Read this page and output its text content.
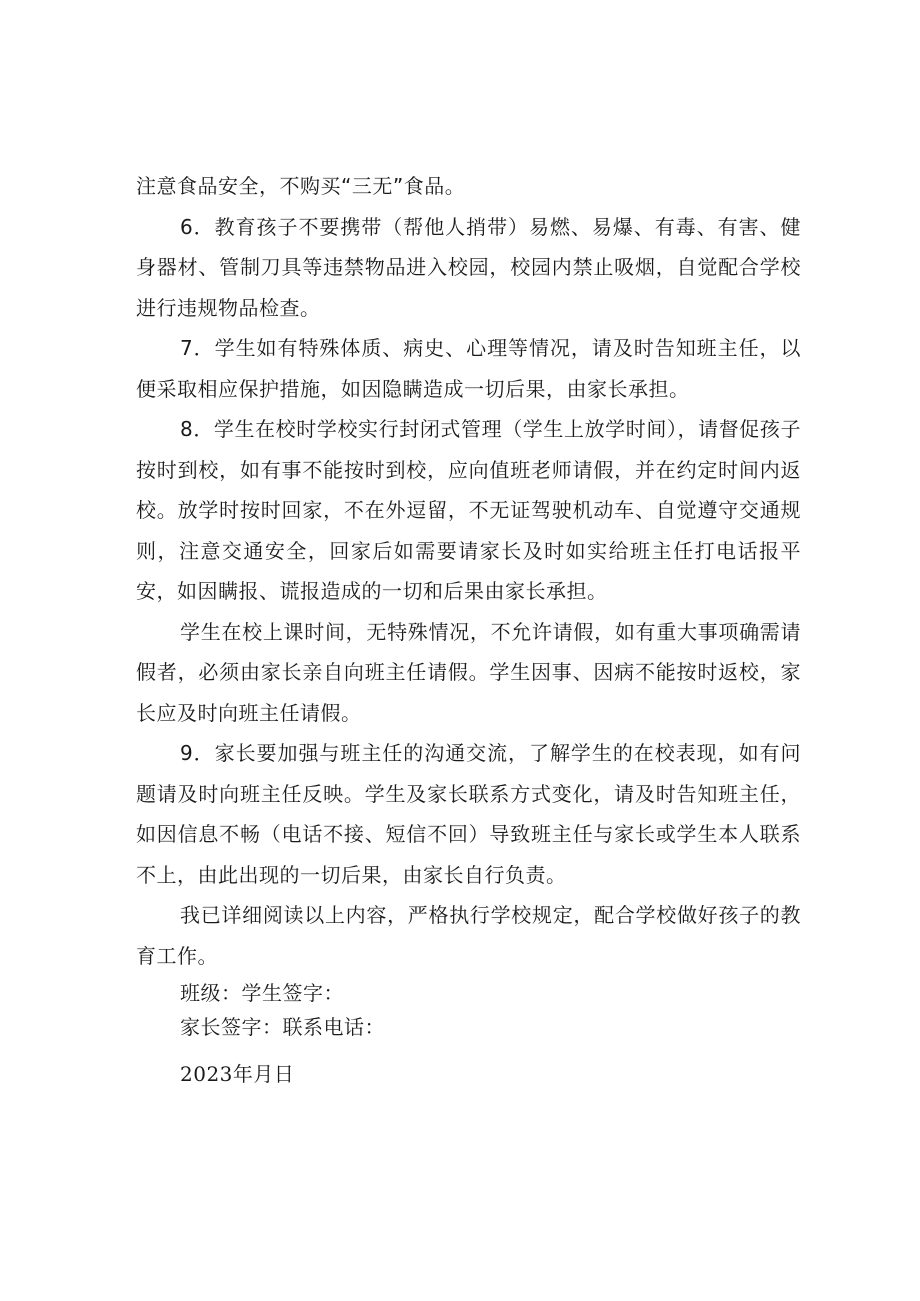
注意食品安全，不购买“三无”食品。

6．教育孩子不要携带（帮他人捎带）易燃、易爆、有毒、有害、健身器材、管制刀具等违禁物品进入校园，校园内禁止吸烟，自觉配合学校进行违规物品检查。

7．学生如有特殊体质、病史、心理等情况，请及时告知班主任，以便采取相应保护措施，如因隐瞒造成一切后果，由家长承担。

8．学生在校时学校实行封闭式管理（学生上放学时间），请督促孩子按时到校，如有事不能按时到校，应向值班老师请假，并在约定时间内返校。放学时按时回家，不在外逗留，不无证驾驶机动车、自觉遵守交通规则，注意交通安全，回家后如需要请家长及时如实给班主任打电话报平安，如因瞒报、谎报造成的一切和后果由家长承担。

学生在校上课时间，无特殊情况，不允许请假，如有重大事项确需请假者，必须由家长亲自向班主任请假。学生因事、因病不能按时返校，家长应及时向班主任请假。

9．家长要加强与班主任的沟通交流，了解学生的在校表现，如有问题请及时向班主任反映。学生及家长联系方式变化，请及时告知班主任，如因信息不畅（电话不接、短信不回）导致班主任与家长或学生本人联系不上，由此出现的一切后果，由家长自行负责。

我已详细阅读以上内容，严格执行学校规定，配合学校做好孩子的教育工作。

班级：学生签字：
家长签字：联系电话：
2023年月日
